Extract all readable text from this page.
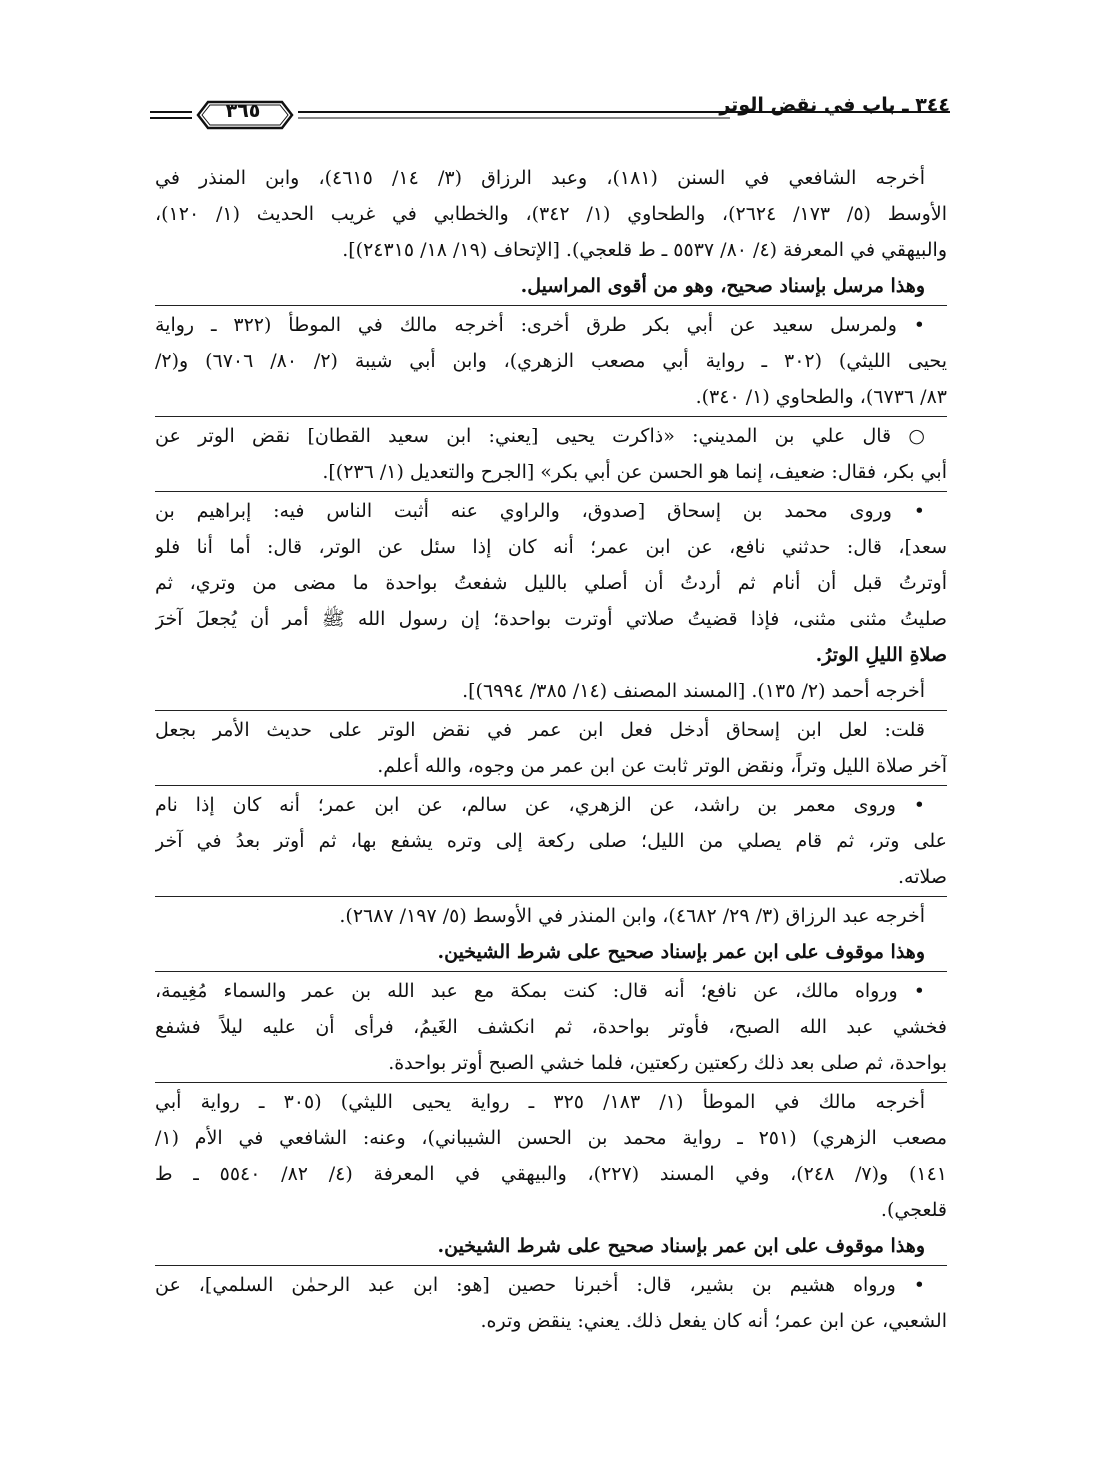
٣٦٥	٣٤٤ ـ باب في نقض الوتر
أخرجه الشافعي في السنن (١٨١)، وعبد الرزاق (٣/ ١٤/ ٤٦١٥)، وابن المنذر في
الأوسط (٥/ ١٧٣/ ٢٦٢٤)، والطحاوي (١/ ٣٤٢)، والخطابي في غريب الحديث (١/ ١٢٠)،
والبيهقي في المعرفة (٤/ ٨٠/ ٥٥٣٧ ـ ط قلعجي). [الإتحاف (١٩/ ١٨/ ٢٤٣١٥)].
وهذا مرسل بإسناد صحيح، وهو من أقوى المراسيل.
• ولمرسل سعيد عن أبي بكر طرق أخرى: أخرجه مالك في الموطأ (٣٢٢ ـ رواية
يحيى الليثي) (٣٠٢ ـ رواية أبي مصعب الزهري)، وابن أبي شيبة (٢/ ٨٠/ ٦٧٠٦) و(٢/
٨٣/ ٦٧٣٦)، والطحاوي (١/ ٣٤٠).
○ قال علي بن المديني: «ذاكرت يحيى [يعني: ابن سعيد القطان] نقض الوتر عن
أبي بكر، فقال: ضعيف، إنما هو الحسن عن أبي بكر» [الجرح والتعديل (١/ ٢٣٦)].
• وروى محمد بن إسحاق [صدوق، والراوي عنه أثبت الناس فيه: إبراهيم بن
سعد]، قال: حدثني نافع، عن ابن عمر؛ أنه كان إذا سئل عن الوتر، قال: أما أنا فلو
أوترتُ قبل أن أنام ثم أردتُ أن أصلي بالليل شفعتُ بواحدة ما مضى من وتري، ثم
صليتُ مثنى مثنى، فإذا قضيتُ صلاتي أوترت بواحدة؛ إن رسول الله ﷺ أمر أن يُجعلَ آخرَ
صلاةِ الليلِ الوترُ.
أخرجه أحمد (٢/ ١٣٥). [المسند المصنف (١٤/ ٣٨٥/ ٦٩٩٤)].
قلت: لعل ابن إسحاق أدخل فعل ابن عمر في نقض الوتر على حديث الأمر بجعل
آخر صلاة الليل وتراً، ونقض الوتر ثابت عن ابن عمر من وجوه، والله أعلم.
• وروى معمر بن راشد، عن الزهري، عن سالم، عن ابن عمر؛ أنه كان إذا نام
على وتر، ثم قام يصلي من الليل؛ صلى ركعة إلى وتره يشفع بها، ثم أوتر بعدُ في آخر
صلاته.
أخرجه عبد الرزاق (٣/ ٢٩/ ٤٦٨٢)، وابن المنذر في الأوسط (٥/ ١٩٧/ ٢٦٨٧).
وهذا موقوف على ابن عمر بإسناد صحيح على شرط الشيخين.
• ورواه مالك، عن نافع؛ أنه قال: كنت بمكة مع عبد الله بن عمر والسماء مُغِيمة،
فخشي عبد الله الصبح، فأوتر بواحدة، ثم انكشف الغَيمُ، فرأى أن عليه ليلاً فشفع
بواحدة، ثم صلى بعد ذلك ركعتين ركعتين، فلما خشي الصبح أوتر بواحدة.
أخرجه مالك في الموطأ (١/ ١٨٣/ ٣٢٥ ـ رواية يحيى الليثي) (٣٠٥ ـ رواية أبي
مصعب الزهري) (٢٥١ ـ رواية محمد بن الحسن الشيباني)، وعنه: الشافعي في الأم (١/
١٤١) و(٧/ ٢٤٨)، وفي المسند (٢٢٧)، والبيهقي في المعرفة (٤/ ٨٢/ ٥٥٤٠ ـ ط
قلعجي).
وهذا موقوف على ابن عمر بإسناد صحيح على شرط الشيخين.
• ورواه هشيم بن بشير، قال: أخبرنا حصين [هو: ابن عبد الرحمٰن السلمي]، عن
الشعبي، عن ابن عمر؛ أنه كان يفعل ذلك. يعني: ينقض وتره.
